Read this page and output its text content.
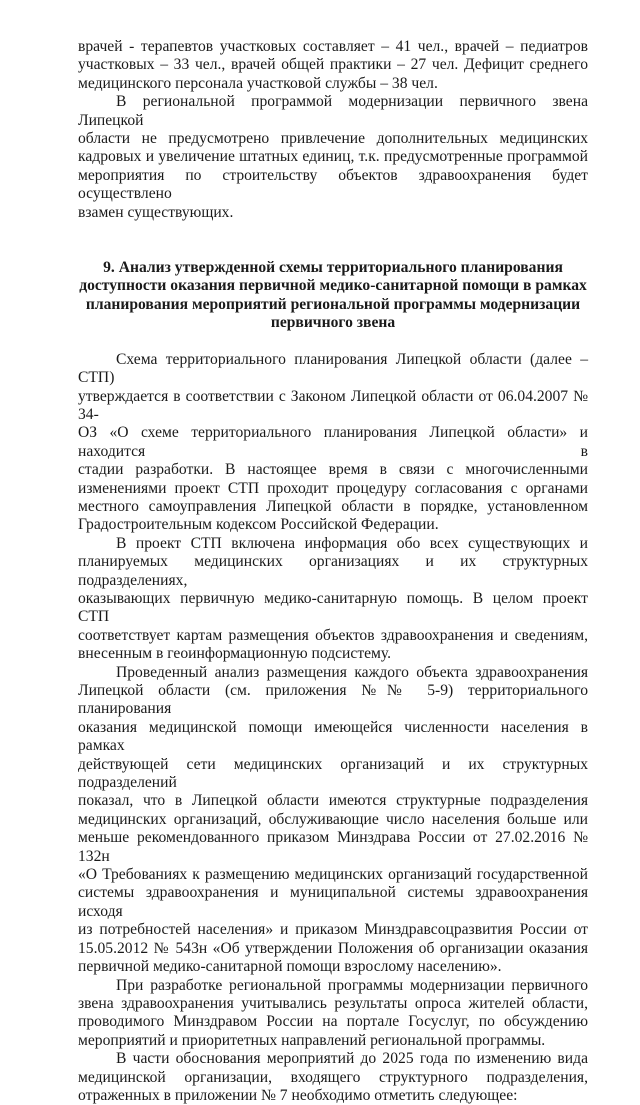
врачей - терапевтов участковых составляет – 41 чел., врачей – педиатров
участковых – 33 чел., врачей общей практики – 27 чел. Дефицит среднего
медицинского персонала участковой службы – 38 чел.

В региональной программой модернизации первичного звена Липецкой
области не предусмотрено привлечение дополнительных медицинских
кадровых и увеличение штатных единиц, т.к. предусмотренные программой
мероприятия по строительству объектов здравоохранения будет осуществлено
взамен существующих.

9. Анализ утвержденной схемы территориального планирования
доступности оказания первичной медико-санитарной помощи в рамках
планирования мероприятий региональной программы модернизации
первичного звена

Схема территориального планирования Липецкой области (далее – СТП)
утверждается в соответствии с Законом Липецкой области от 06.04.2007 № 34-
ОЗ «О схеме территориального планирования Липецкой области» и находится в
стадии разработки. В настоящее время в связи с многочисленными
изменениями проект СТП проходит процедуру согласования с органами
местного самоуправления Липецкой области в порядке, установленном
Градостроительным кодексом Российской Федерации.

В проект СТП включена информация обо всех существующих и
планируемых медицинских организациях и их структурных подразделениях,
оказывающих первичную медико-санитарную помощь. В целом проект СТП
соответствует картам размещения объектов здравоохранения и сведениям,
внесенным в геоинформационную подсистему.

Проведенный анализ размещения каждого объекта здравоохранения
Липецкой области (см. приложения №№ 5-9) территориального планирования
оказания медицинской помощи имеющейся численности населения в рамках
действующей сети медицинских организаций и их структурных подразделений
показал, что в Липецкой области имеются структурные подразделения
медицинских организаций, обслуживающие число населения больше или
меньше рекомендованного приказом Минздрава России от 27.02.2016 № 132н
«О Требованиях к размещению медицинских организаций государственной
системы здравоохранения и муниципальной системы здравоохранения исходя
из потребностей населения» и приказом Минздравсоцразвития России от
15.05.2012 № 543н «Об утверждении Положения об организации оказания
первичной медико-санитарной помощи взрослому населению».

При разработке региональной программы модернизации первичного
звена здравоохранения учитывались результаты опроса жителей области,
проводимого Минздравом России на портале Госуслуг, по обсуждению
мероприятий и приоритетных направлений региональной программы.

В части обоснования мероприятий до 2025 года по изменению вида
медицинской организации, входящего структурного подразделения,
отраженных в приложении № 7 необходимо отметить следующее:
